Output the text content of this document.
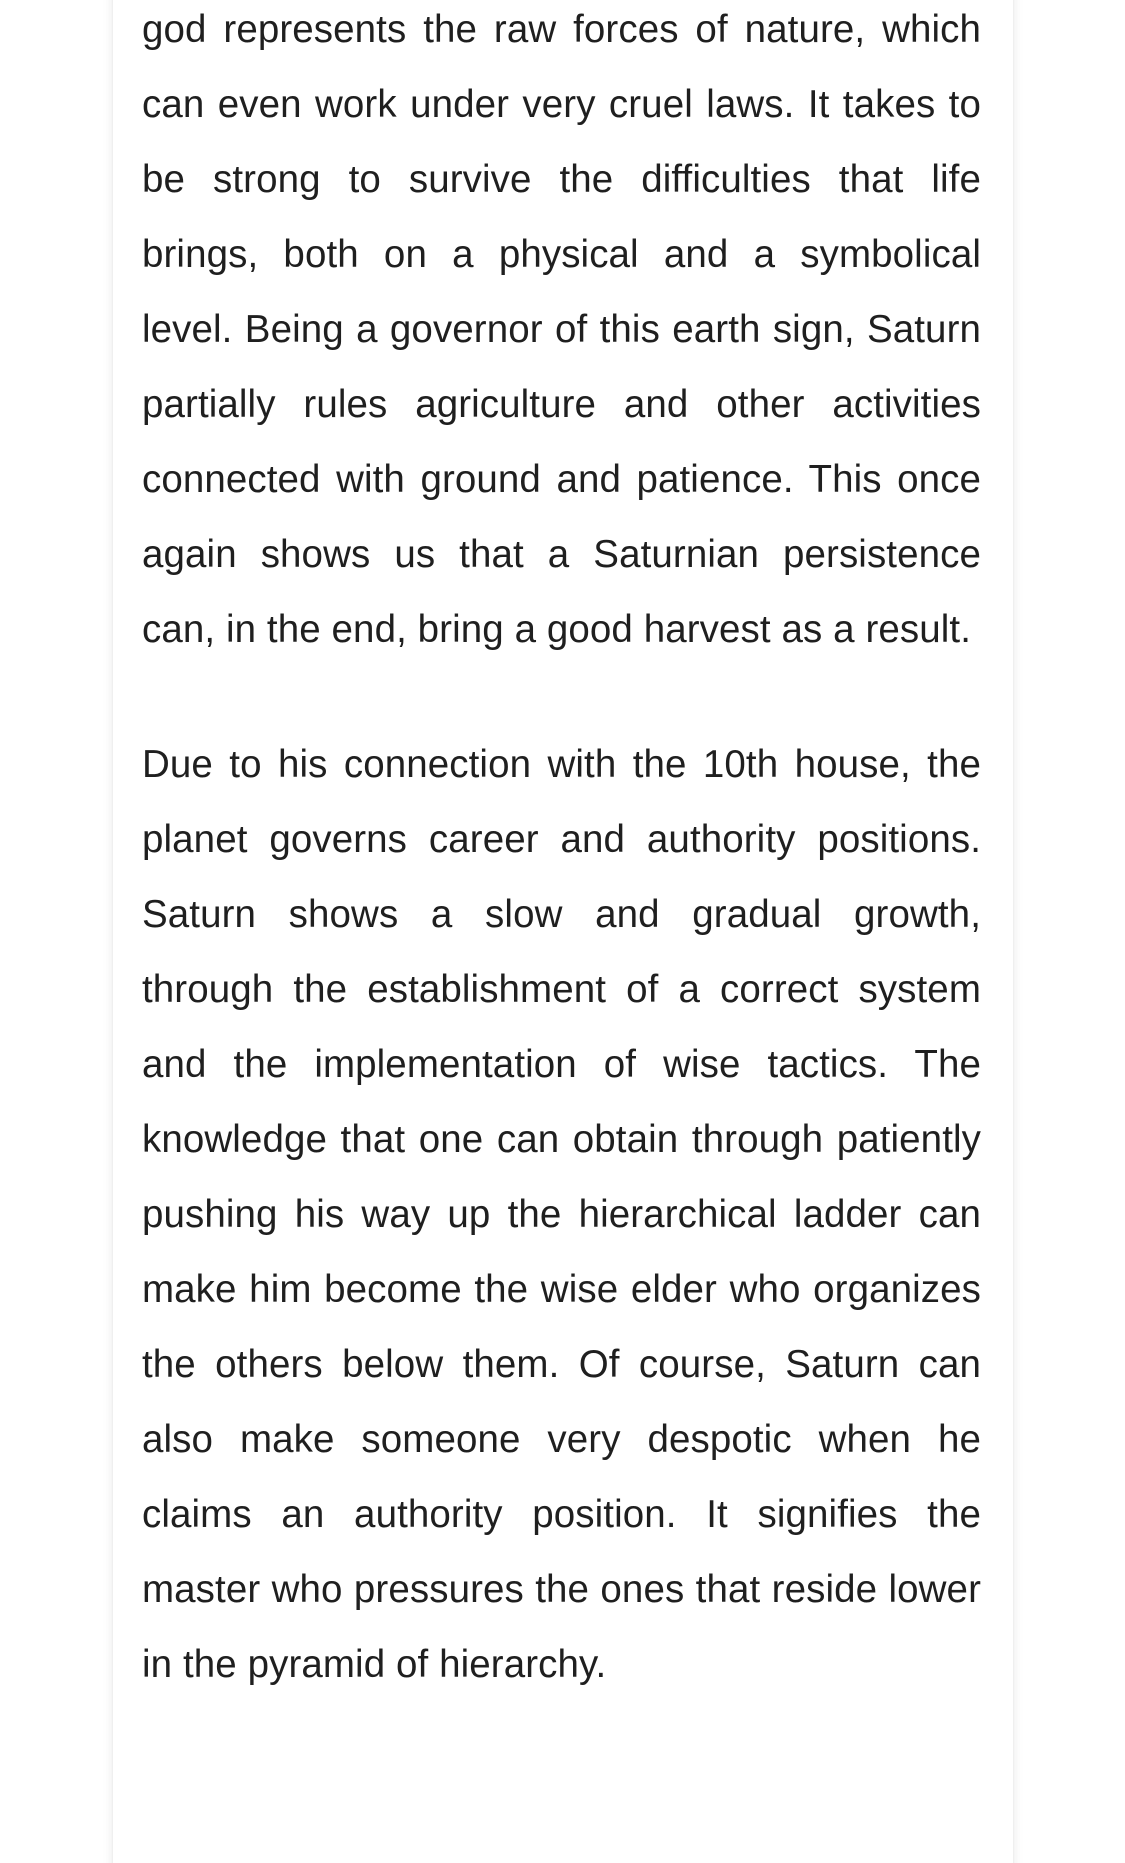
god represents the raw forces of nature, which can even work under very cruel laws. It takes to be strong to survive the difficulties that life brings, both on a physical and a symbolical level. Being a governor of this earth sign, Saturn partially rules agriculture and other activities connected with ground and patience. This once again shows us that a Saturnian persistence can, in the end, bring a good harvest as a result.

Due to his connection with the 10th house, the planet governs career and authority positions. Saturn shows a slow and gradual growth, through the establishment of a correct system and the implementation of wise tactics. The knowledge that one can obtain through patiently pushing his way up the hierarchical ladder can make him become the wise elder who organizes the others below them. Of course, Saturn can also make someone very despotic when he claims an authority position. It signifies the master who pressures the ones that reside lower in the pyramid of hierarchy.
